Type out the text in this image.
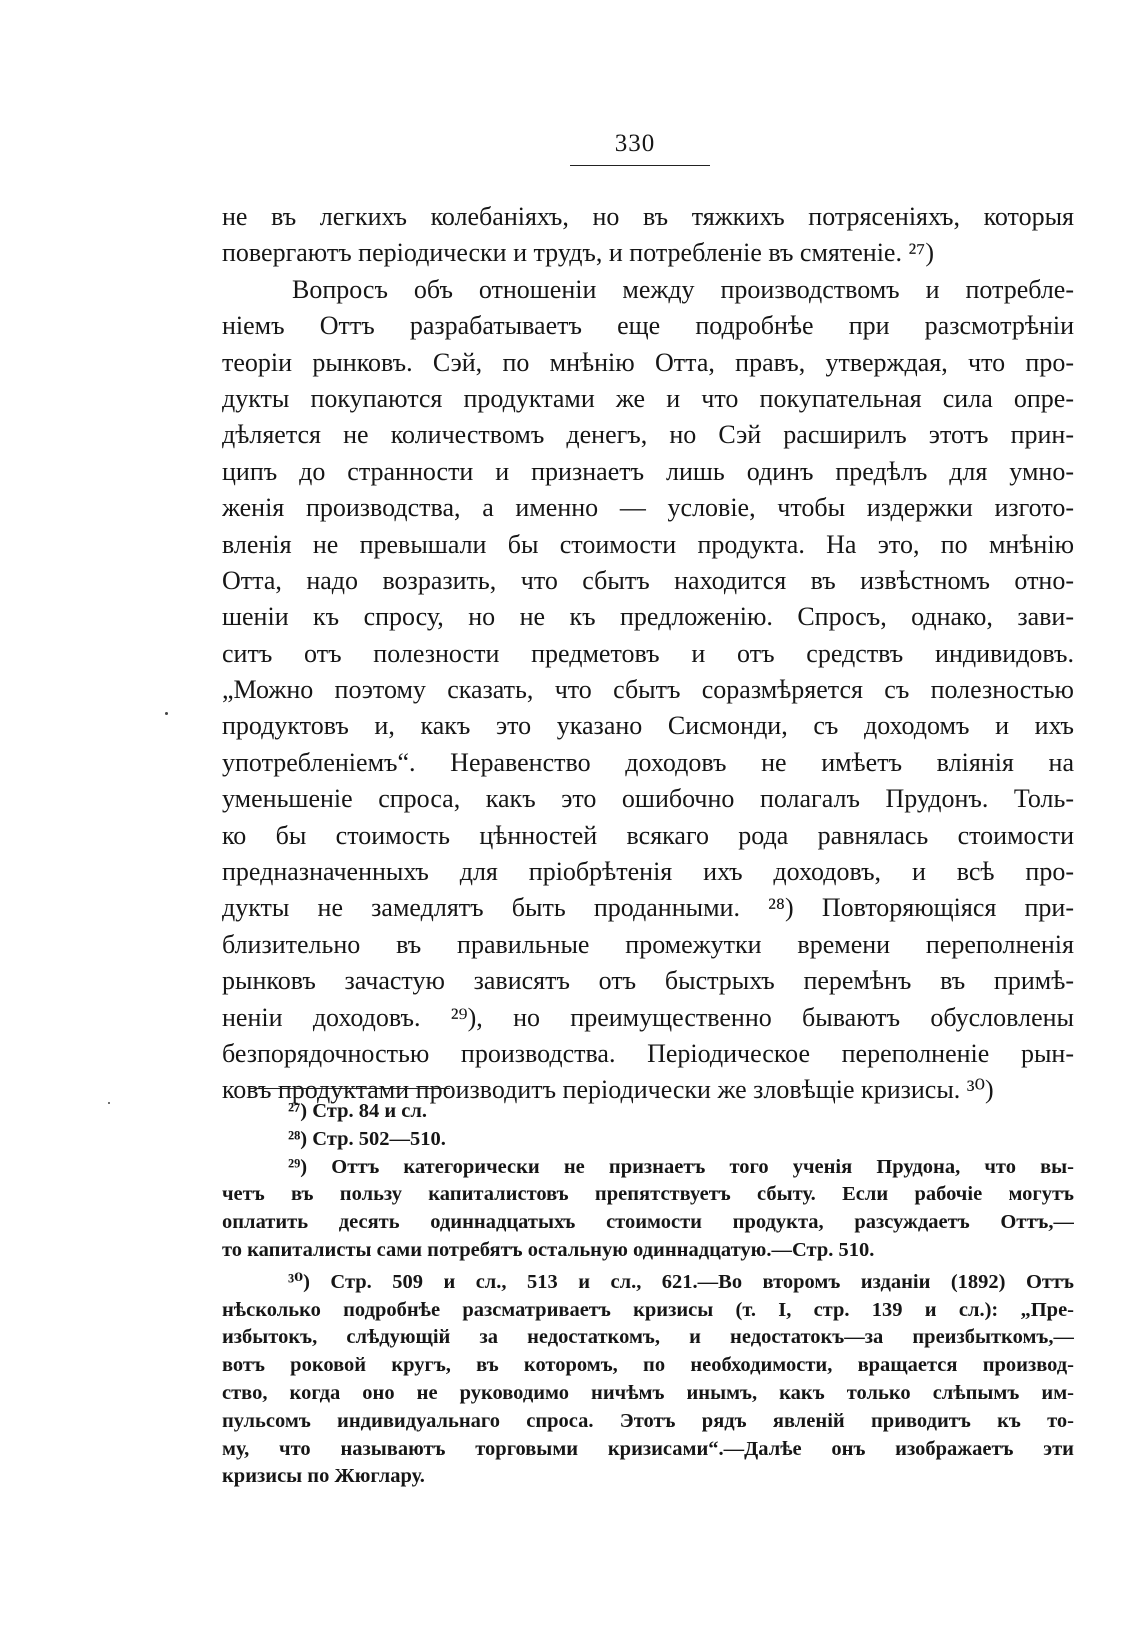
330
не въ легкихъ колебаніяхъ, но въ тяжкихъ потрясеніяхъ, которыя
повергаютъ періодически и трудъ, и потребленіе въ смятеніе. ²⁷)
Вопросъ объ отношеніи между производствомъ и потребле-
ніемъ Оттъ разрабатываетъ еще подробнѣе при разсмотрѣніи
теоріи рынковъ. Сэй, по мнѣнію Отта, правъ, утверждая, что про-
дукты покупаются продуктами же и что покупательная сила опре-
дѣляется не количествомъ денегъ, но Сэй расширилъ этотъ прин-
ципъ до странности и признаетъ лишь одинъ предѣлъ для умно-
женія производства, а именно — условіе, чтобы издержки изгото-
вленія не превышали бы стоимости продукта. На это, по мнѣнію
Отта, надо возразить, что сбытъ находится въ извѣстномъ отно-
шеніи къ спросу, но не къ предложенію. Спросъ, однако, зави-
ситъ отъ полезности предметовъ и отъ средствъ индивидовъ.
„Можно поэтому сказать, что сбытъ соразмѣряется съ полезностью
продуктовъ и, какъ это указано Сисмонди, съ доходомъ и ихъ
употребленіемъ“. Неравенство доходовъ не имѣетъ вліянія на
уменьшеніе спроса, какъ это ошибочно полагалъ Прудонъ. Толь-
ко бы стоимость цѣнностей всякаго рода равнялась стоимости
предназначенныхъ для пріобрѣтенія ихъ доходовъ, и всѣ про-
дукты не замедлятъ быть проданными. ²⁸) Повторяющіяся при-
близительно въ правильные промежутки времени переполненія
рынковъ зачастую зависятъ отъ быстрыхъ перемѣнъ въ примѣ-
неніи доходовъ. ²⁹), но преимущественно бываютъ обусловлены
безпорядочностью производства. Періодическое переполненіе рын-
ковъ продуктами производитъ періодически же зловѣщіе кризисы. ³⁰)
²⁷) Стр. 84 и сл.
²⁸) Стр. 502—510.
²⁹) Оттъ категорически не признаетъ того ученія Прудона, что вы-
четъ въ пользу капиталистовъ препятствуетъ сбыту. Если рабочіе могутъ
оплатить десять одиннадцатыхъ стоимости продукта, разсуждаетъ Оттъ,—
то капиталисты сами потребятъ остальную одиннадцатую.—Стр. 510.
³⁰) Стр. 509 и сл., 513 и сл., 621.—Во второмъ изданіи (1892) Оттъ
нѣсколько подробнѣе разсматриваетъ кризисы (т. I, стр. 139 и сл.): „Пре-
избытокъ, слѣдующій за недостаткомъ, и недостатокъ—за преизбыткомъ,—
вотъ роковой кругъ, въ которомъ, по необходимости, вращается производ-
ство, когда оно не руководимо ничѣмъ инымъ, какъ только слѣпымъ им-
пульсомъ индивидуальнаго спроса. Этотъ рядъ явленій приводитъ къ то-
му, что называютъ торговыми кризисами“.—Далѣе онъ изображаетъ эти
кризисы по Жюглару.
